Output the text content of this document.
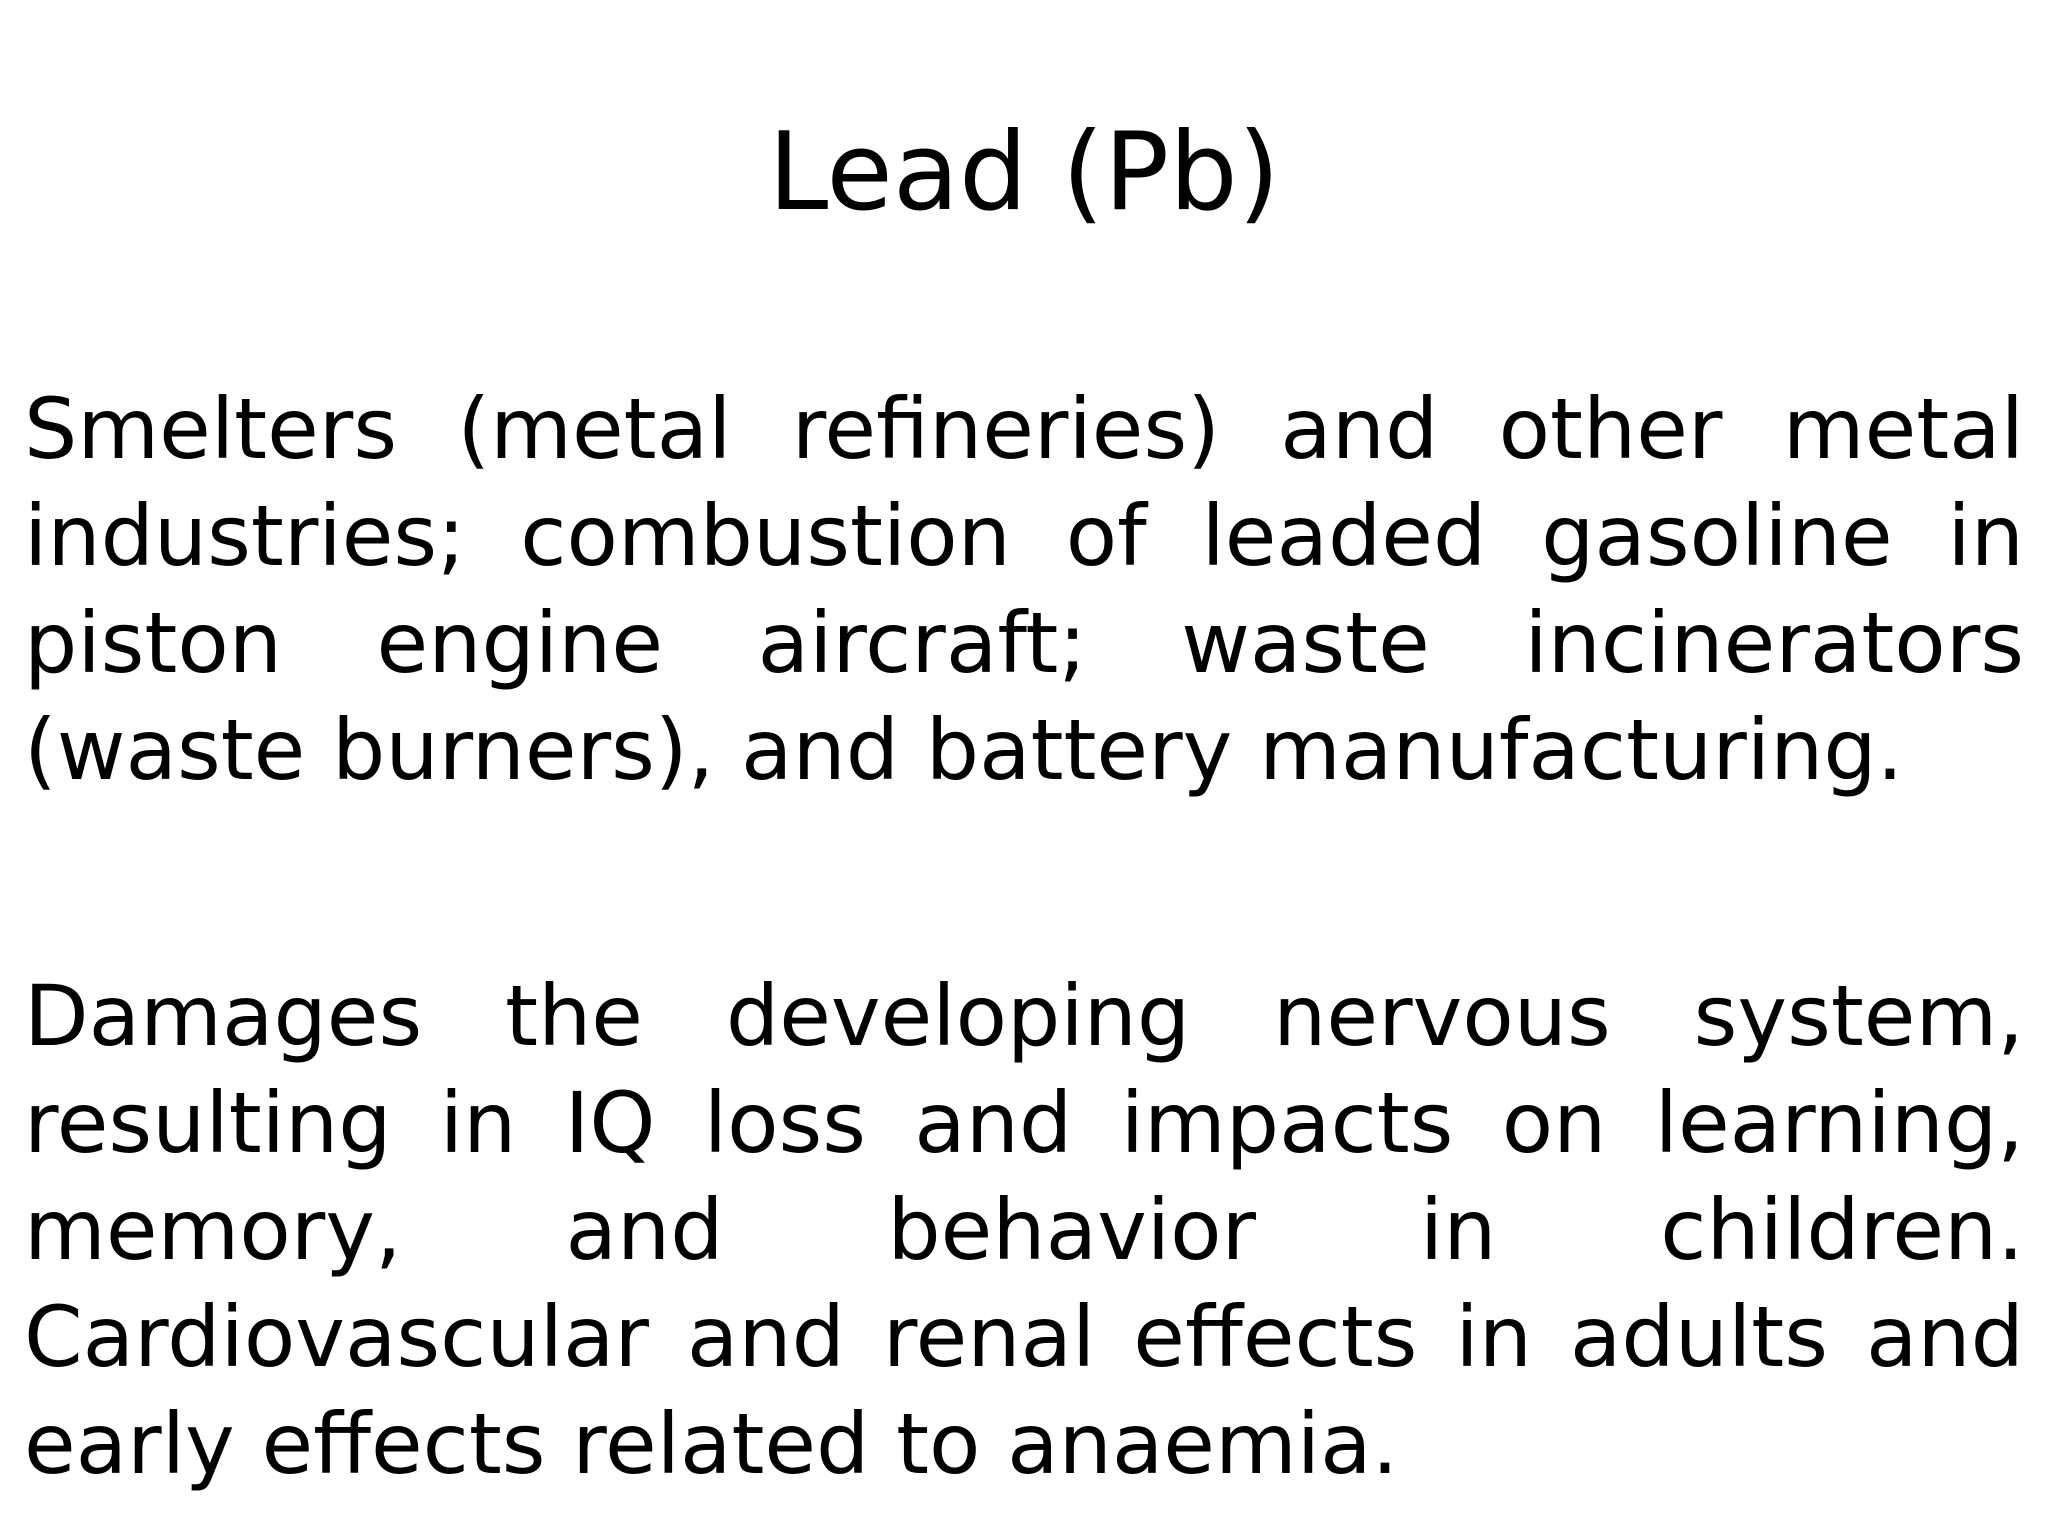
Lead (Pb)

Smelters (metal refineries) and other metal industries; combustion of leaded gasoline in piston engine aircraft; waste incinerators (waste burners), and battery manufacturing.

Damages the developing nervous system, resulting in IQ loss and impacts on learning, memory, and behavior in children. Cardiovascular and renal effects in adults and early effects related to anaemia.
